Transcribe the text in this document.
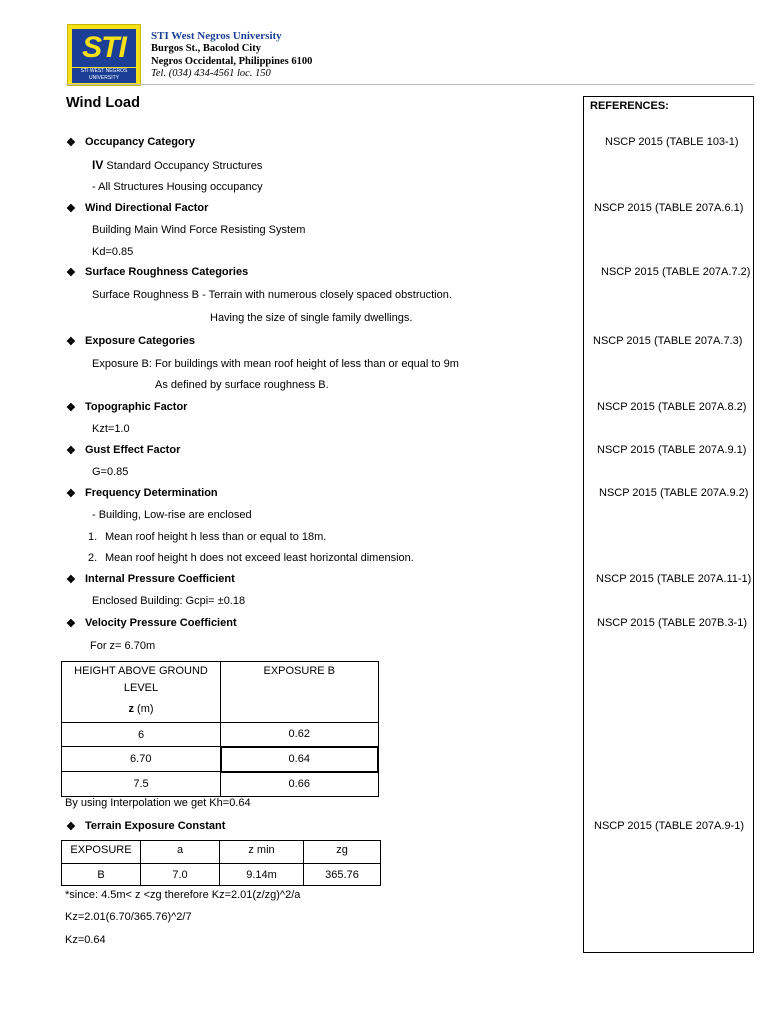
STI
STI WEST NEGROS UNIVERSITY
STI West Negros University
Burgos St., Bacolod City
Negros Occidental, Philippines 6100
Tel. (034) 434-4561 loc. 150
Wind Load	REFERENCES:
NSCP 2015 (TABLE 103-1)
NSCP 2015 (TABLE 207A.6.1)
NSCP 2015 (TABLE 207A.7.2)
NSCP 2015 (TABLE 207A.7.3)
NSCP 2015 (TABLE 207A.8.2)
NSCP 2015 (TABLE 207A.9.1)
NSCP 2015 (TABLE 207A.9.2)
NSCP 2015 (TABLE 207A.11-1)
NSCP 2015 (TABLE 207B.3-1)
NSCP 2015 (TABLE 207A.9-1)
❖ Occupancy Category
IV Standard Occupancy Structures
- All Structures Housing occupancy
❖ Wind Directional Factor
Building Main Wind Force Resisting System
Kd=0.85
❖ Surface Roughness Categories
Surface Roughness B - Terrain with numerous closely spaced obstruction.
Having the size of single family dwellings.
❖ Exposure Categories
Exposure B: For buildings with mean roof height of less than or equal to 9m
As defined by surface roughness B.
❖ Topographic Factor
Kzt=1.0
❖ Gust Effect Factor
G=0.85
❖ Frequency Determination
- Building, Low-rise are enclosed
1. Mean roof height h less than or equal to 18m.
2. Mean roof height h does not exceed least horizontal dimension.
❖ Internal Pressure Coefficient
Enclosed Building: Gcpi= ±0.18
❖ Velocity Pressure Coefficient
For z= 6.70m
HEIGHT ABOVE GROUND
LEVEL
z (m)	EXPOSURE B
6	0.62
6.70	0.64
7.5	0.66
By using Interpolation we get Kh=0.64
❖ Terrain Exposure Constant
EXPOSURE	a	z min	zg
B	7.0	9.14m	365.76
*since: 4.5m< z <zg therefore Kz=2.01(z/zg)^2/a
Kz=2.01(6.70/365.76)^2/7
Kz=0.64
